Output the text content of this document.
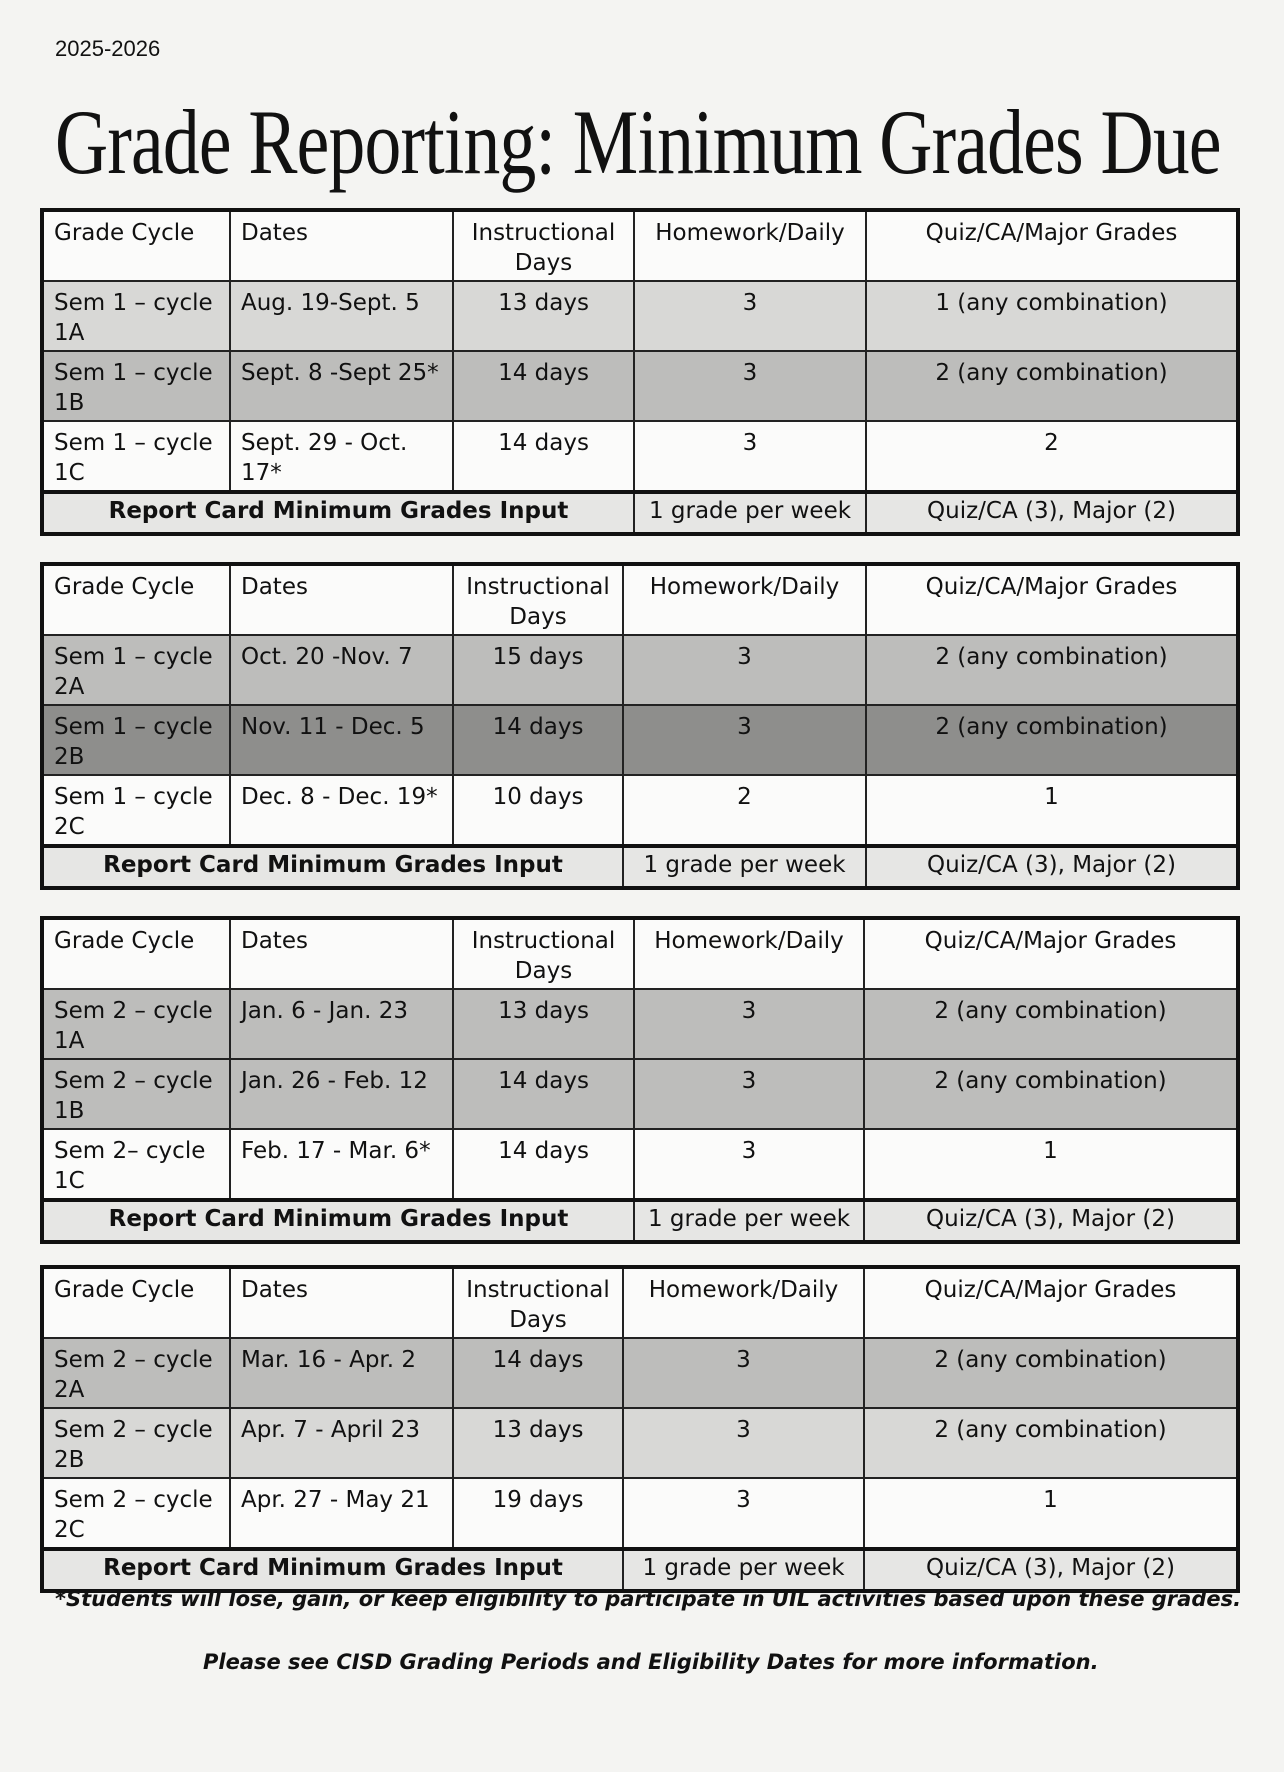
2025-2026
Grade Reporting: Minimum Grades Due
Grade Cycle	Dates	Instructional Days	Homework/Daily	Quiz/CA/Major Grades
Sem 1 – cycle 1A	Aug. 19-Sept. 5	13 days	3	1 (any combination)
Sem 1 – cycle 1B	Sept. 8 -Sept 25*	14 days	3	2 (any combination)
Sem 1 – cycle 1C	Sept. 29 - Oct. 17*	14 days	3	2
Report Card Minimum Grades Input			1 grade per week	Quiz/CA (3), Major (2)
Grade Cycle	Dates	Instructional Days	Homework/Daily	Quiz/CA/Major Grades
Sem 1 – cycle 2A	Oct. 20 -Nov. 7	15 days	3	2 (any combination)
Sem 1 – cycle 2B	Nov. 11 - Dec. 5	14 days	3	2 (any combination)
Sem 1 – cycle 2C	Dec. 8 - Dec. 19*	10 days	2	1
Report Card Minimum Grades Input			1 grade per week	Quiz/CA (3), Major (2)
Grade Cycle	Dates	Instructional Days	Homework/Daily	Quiz/CA/Major Grades
Sem 2 – cycle 1A	Jan. 6 - Jan. 23	13 days	3	2 (any combination)
Sem 2 – cycle 1B	Jan. 26 - Feb. 12	14 days	3	2 (any combination)
Sem 2– cycle 1C	Feb. 17 - Mar. 6*	14 days	3	1
Report Card Minimum Grades Input			1 grade per week	Quiz/CA (3), Major (2)
Grade Cycle	Dates	Instructional Days	Homework/Daily	Quiz/CA/Major Grades
Sem 2 – cycle 2A	Mar. 16 - Apr. 2	14 days	3	2 (any combination)
Sem 2 – cycle 2B	Apr. 7 - April 23	13 days	3	2 (any combination)
Sem 2 – cycle 2C	Apr. 27 - May 21	19 days	3	1
Report Card Minimum Grades Input			1 grade per week	Quiz/CA (3), Major (2)
*Students will lose, gain, or keep eligibility to participate in UIL activities based upon these grades.
Please see CISD Grading Periods and Eligibility Dates for more information.
